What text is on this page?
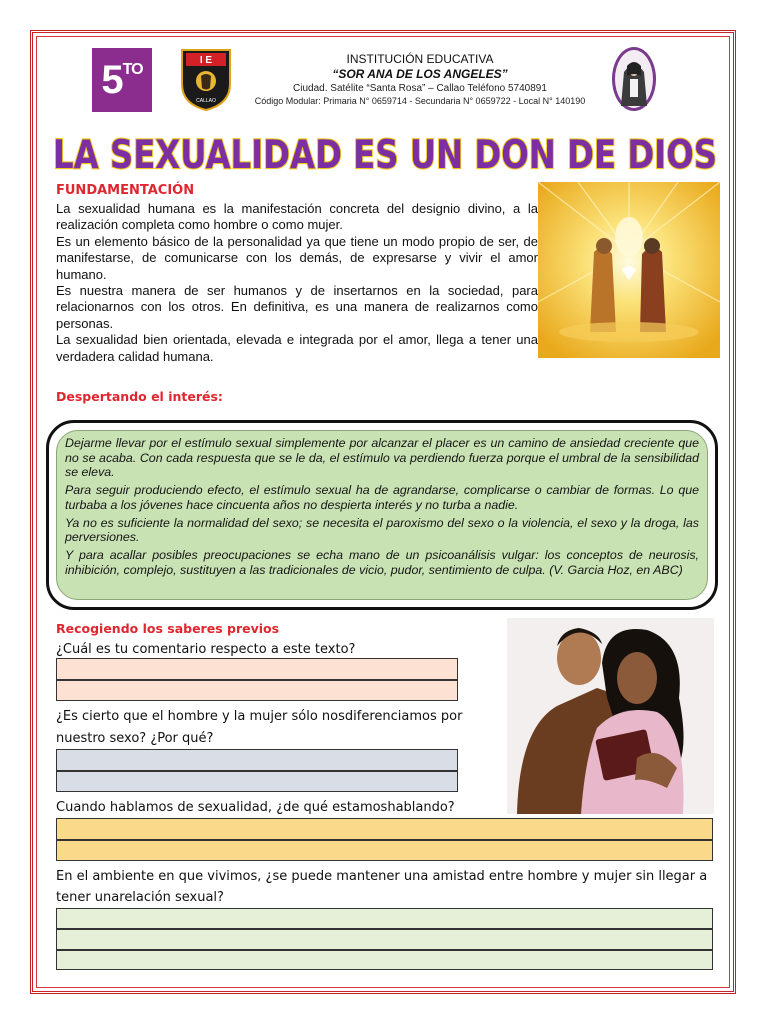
$5^{TO}$
I E
CALLAO
INSTITUCIÓN EDUCATIVA
“SOR ANA DE LOS ANGELES”
Ciudad. Satélite “Santa Rosa” – Callao Teléfono 5740891
Código Modular: Primaria N° 0659714 - Secundaria N° 0659722 - Local N° 140190
LA SEXUALIDAD ES UN DON DE DIOS
FUNDAMENTACIÓN

La sexualidad humana es la manifestación concreta del designio divino, a la realización completa como hombre o como mujer.

Es un elemento básico de la personalidad ya que tiene un modo propio de ser, de manifestarse, de comunicarse con los demás, de expresarse y vivir el amor humano.

Es nuestra manera de ser humanos y de insertarnos en la sociedad, para relacionarnos con los otros. En definitiva, es una manera de realizarnos como personas.

La sexualidad bien orientada, elevada e integrada por el amor, llega a tener una verdadera calidad humana.

Despertando el interés:

Dejarme llevar por el estímulo sexual simplemente por alcanzar el placer es un camino de ansiedad creciente que no se acaba. Con cada respuesta que se le da, el estímulo va perdiendo fuerza porque el umbral de la sensibilidad se eleva.

Para seguir produciendo efecto, el estímulo sexual ha de agrandarse, complicarse o cambiar de formas. Lo que turbaba a los jóvenes hace cincuenta años no despierta interés y no turba a nadie.

Ya no es suficiente la normalidad del sexo; se necesita el paroxismo del sexo o la violencia, el sexo y la droga, las perversiones.

Y para acallar posibles preocupaciones se echa mano de un psicoanálisis vulgar: los conceptos de neurosis, inhibición, complejo, sustituyen a las tradicionales de vicio, pudor, sentimiento de culpa. (V. Garcia Hoz, en ABC)

Recogiendo los saberes previos
¿Cuál es tu comentario respecto a este texto?
¿Es cierto que el hombre y la mujer sólo nosdiferenciamos por nuestro sexo? ¿Por qué?
Cuando hablamos de sexualidad, ¿de qué estamoshablando?
En el ambiente en que vivimos, ¿se puede mantener una amistad entre hombre y mujer sin llegar a tener unarelación sexual?
